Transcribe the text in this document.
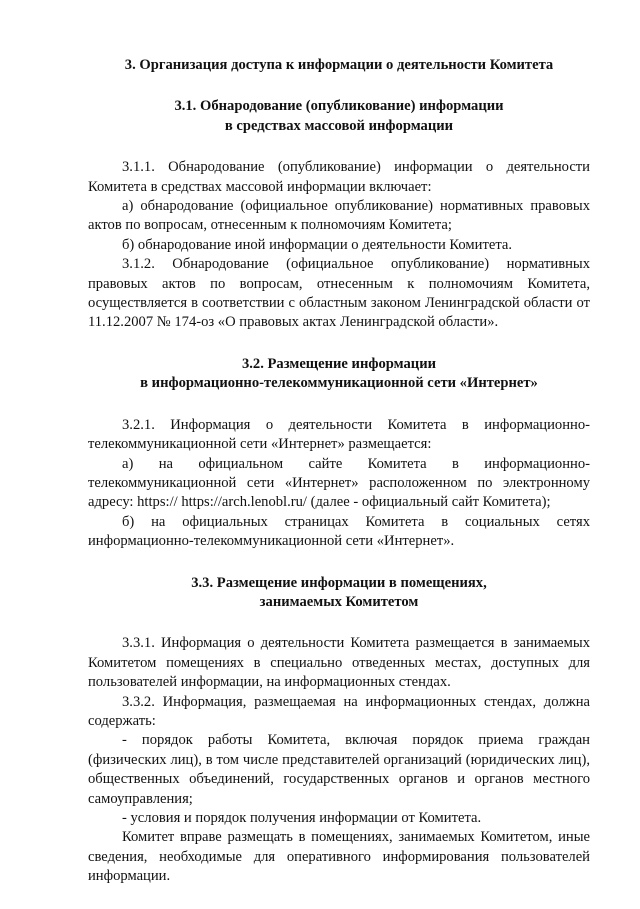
3. Организация доступа к информации о деятельности Комитета
3.1. Обнародование (опубликование) информации
в средствах массовой информации

3.1.1. Обнародование (опубликование) информации о деятельности Комитета в средствах массовой информации включает:

а) обнародование (официальное опубликование) нормативных правовых актов по вопросам, отнесенным к полномочиям Комитета;

б) обнародование иной информации о деятельности Комитета.

3.1.2. Обнародование (официальное опубликование) нормативных правовых актов по вопросам, отнесенным к полномочиям Комитета, осуществляется в соответствии с областным законом Ленинградской области от 11.12.2007 № 174-оз «О правовых актах Ленинградской области».

3.2. Размещение информации
в информационно-телекоммуникационной сети «Интернет»

3.2.1. Информация о деятельности Комитета в информационно-телекоммуникационной сети «Интернет» размещается:

а) на официальном сайте Комитета в информационно-телекоммуникационной сети «Интернет» расположенном по электронному адресу: https:// https://arch.lenobl.ru/ (далее - официальный сайт Комитета);

б) на официальных страницах Комитета в социальных сетях информационно-телекоммуникационной сети «Интернет».

3.3. Размещение информации в помещениях,
занимаемых Комитетом

3.3.1. Информация о деятельности Комитета размещается в занимаемых Комитетом помещениях в специально отведенных местах, доступных для пользователей информации, на информационных стендах.

3.3.2. Информация, размещаемая на информационных стендах, должна содержать:

- порядок работы Комитета, включая порядок приема граждан (физических лиц), в том числе представителей организаций (юридических лиц), общественных объединений, государственных органов и органов местного самоуправления;

- условия и порядок получения информации от Комитета.

Комитет вправе размещать в помещениях, занимаемых Комитетом, иные сведения, необходимые для оперативного информирования пользователей информации.
